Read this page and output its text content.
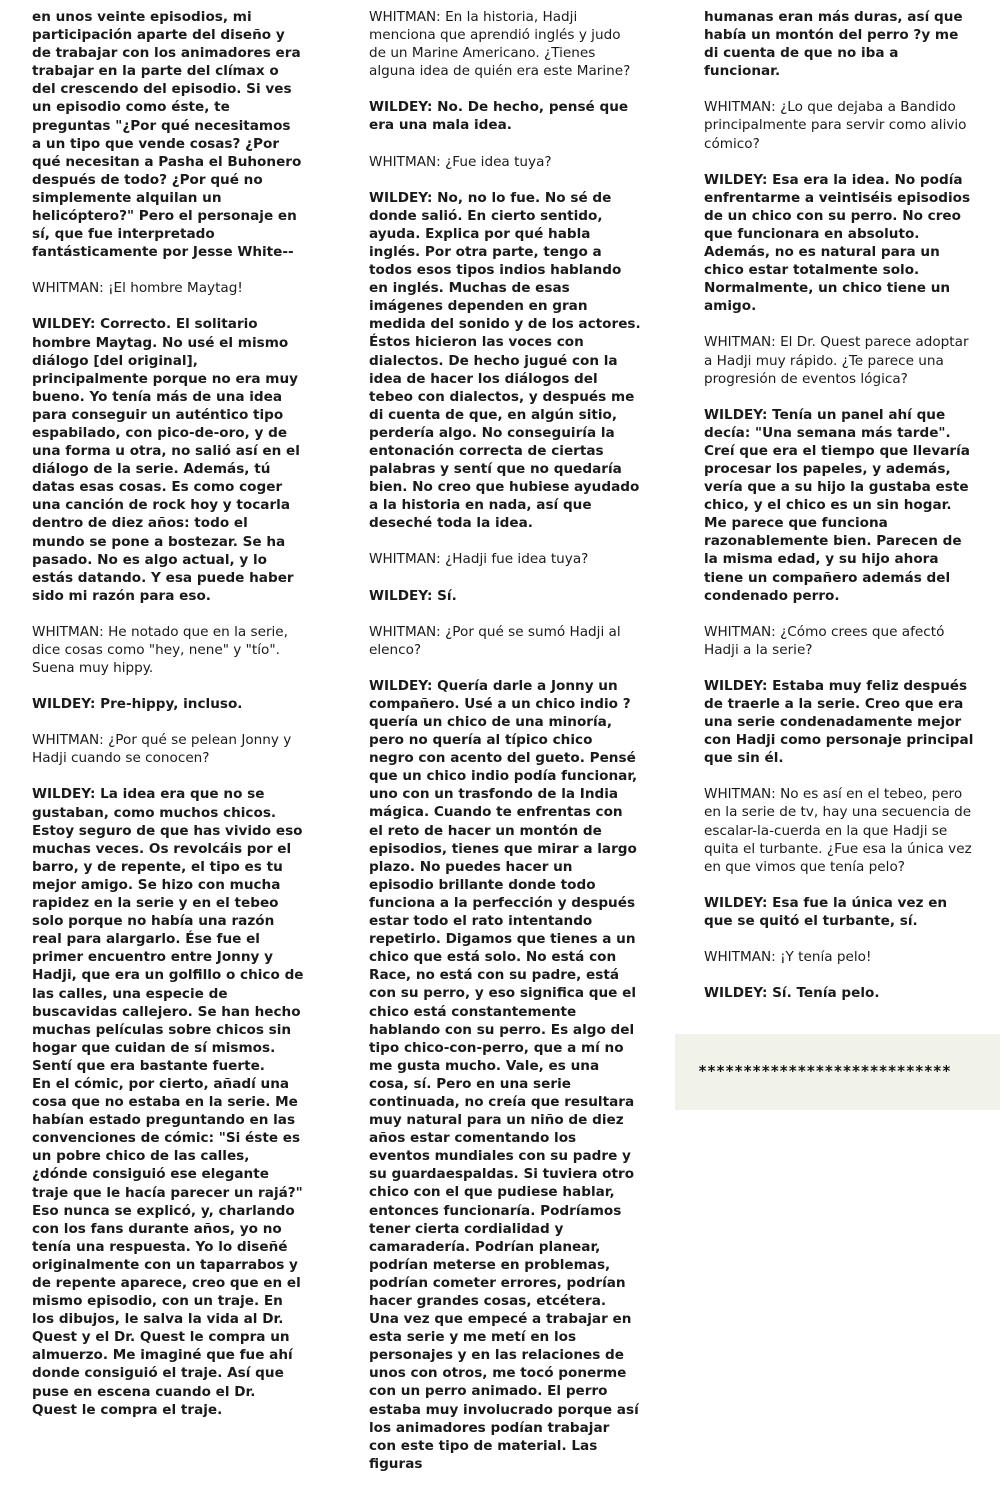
en unos veinte episodios, mi participación aparte del diseño y de trabajar con los animadores era trabajar en la parte del clímax o del crescendo del episodio. Si ves un episodio como éste, te preguntas "¿Por qué necesitamos a un tipo que vende cosas? ¿Por qué necesitan a Pasha el Buhonero después de todo? ¿Por qué no simplemente alquilan un helicóptero?" Pero el personaje en sí, que fue interpretado fantásticamente por Jesse White--

WHITMAN: ¡El hombre Maytag!

WILDEY: Correcto. El solitario hombre Maytag. No usé el mismo diálogo [del original], principalmente porque no era muy bueno. Yo tenía más de una idea para conseguir un auténtico tipo espabilado, con pico-de-oro, y de una forma u otra, no salió así en el diálogo de la serie. Además, tú datas esas cosas. Es como coger una canción de rock hoy y tocarla dentro de diez años: todo el mundo se pone a bostezar. Se ha pasado. No es algo actual, y lo estás datando. Y esa puede haber sido mi razón para eso.

WHITMAN: He notado que en la serie, dice cosas como "hey, nene" y "tío". Suena muy hippy.

WILDEY: Pre-hippy, incluso.

WHITMAN: ¿Por qué se pelean Jonny y Hadji cuando se conocen?

WILDEY: La idea era que no se gustaban, como muchos chicos. Estoy seguro de que has vivido eso muchas veces. Os revolcáis por el barro, y de repente, el tipo es tu mejor amigo. Se hizo con mucha rapidez en la serie y en el tebeo solo porque no había una razón real para alargarlo. Ése fue el primer encuentro entre Jonny y Hadji, que era un golfillo o chico de las calles, una especie de buscavidas callejero. Se han hecho muchas películas sobre chicos sin hogar que cuidan de sí mismos. Sentí que era bastante fuerte.

En el cómic, por cierto, añadí una cosa que no estaba en la serie. Me habían estado preguntando en las convenciones de cómic: "Si éste es un pobre chico de las calles, ¿dónde consiguió ese elegante traje que le hacía parecer un rajá?" Eso nunca se explicó, y, charlando con los fans durante años, yo no tenía una respuesta. Yo lo diseñé originalmente con un taparrabos y de repente aparece, creo que en el mismo episodio, con un traje. En los dibujos, le salva la vida al Dr. Quest y el Dr. Quest le compra un almuerzo. Me imaginé que fue ahí donde consiguió el traje. Así que puse en escena cuando el Dr. Quest le compra el traje.

WHITMAN: En la historia, Hadji menciona que aprendió inglés y judo de un Marine Americano. ¿Tienes alguna idea de quién era este Marine?

WILDEY: No. De hecho, pensé que era una mala idea.

WHITMAN: ¿Fue idea tuya?

WILDEY: No, no lo fue. No sé de donde salió. En cierto sentido, ayuda. Explica por qué habla inglés. Por otra parte, tengo a todos esos tipos indios hablando en inglés. Muchas de esas imágenes dependen en gran medida del sonido y de los actores. Éstos hicieron las voces con dialectos. De hecho jugué con la idea de hacer los diálogos del tebeo con dialectos, y después me di cuenta de que, en algún sitio, perdería algo. No conseguiría la entonación correcta de ciertas palabras y sentí que no quedaría bien. No creo que hubiese ayudado a la historia en nada, así que deseché toda la idea.

WHITMAN: ¿Hadji fue idea tuya?

WILDEY: Sí.

WHITMAN: ¿Por qué se sumó Hadji al elenco?

WILDEY: Quería darle a Jonny un compañero. Usé a un chico indio ?quería un chico de una minoría, pero no quería al típico chico negro con acento del gueto. Pensé que un chico indio podía funcionar, uno con un trasfondo de la India mágica. Cuando te enfrentas con el reto de hacer un montón de episodios, tienes que mirar a largo plazo. No puedes hacer un episodio brillante donde todo funciona a la perfección y después estar todo el rato intentando repetirlo. Digamos que tienes a un chico que está solo. No está con Race, no está con su padre, está con su perro, y eso significa que el chico está constantemente hablando con su perro. Es algo del tipo chico-con-perro, que a mí no me gusta mucho. Vale, es una cosa, sí. Pero en una serie continuada, no creía que resultara muy natural para un niño de diez años estar comentando los eventos mundiales con su padre y su guardaespaldas. Si tuviera otro chico con el que pudiese hablar, entonces funcionaría. Podríamos tener cierta cordialidad y camaradería. Podrían planear, podrían meterse en problemas, podrían cometer errores, podrían hacer grandes cosas, etcétera.

Una vez que empecé a trabajar en esta serie y me metí en los personajes y en las relaciones de unos con otros, me tocó ponerme con un perro animado. El perro estaba muy involucrado porque así los animadores podían trabajar con este tipo de material. Las figuras

humanas eran más duras, así que había un montón del perro ?y me di cuenta de que no iba a funcionar.

WHITMAN: ¿Lo que dejaba a Bandido principalmente para servir como alivio cómico?

WILDEY: Esa era la idea. No podía enfrentarme a veintiséis episodios de un chico con su perro. No creo que funcionara en absoluto. Además, no es natural para un chico estar totalmente solo. Normalmente, un chico tiene un amigo.

WHITMAN: El Dr. Quest parece adoptar a Hadji muy rápido. ¿Te parece una progresión de eventos lógica?

WILDEY: Tenía un panel ahí que decía: "Una semana más tarde". Creí que era el tiempo que llevaría procesar los papeles, y además, vería que a su hijo la gustaba este chico, y el chico es un sin hogar. Me parece que funciona razonablemente bien. Parecen de la misma edad, y su hijo ahora tiene un compañero además del condenado perro.

WHITMAN: ¿Cómo crees que afectó Hadji a la serie?

WILDEY: Estaba muy feliz después de traerle a la serie. Creo que era una serie condenadamente mejor con Hadji como personaje principal que sin él.

WHITMAN: No es así en el tebeo, pero en la serie de tv, hay una secuencia de escalar-la-cuerda en la que Hadji se quita el turbante. ¿Fue esa la única vez en que vimos que tenía pelo?

WILDEY: Esa fue la única vez en que se quitó el turbante, sí.

WHITMAN: ¡Y tenía pelo!

WILDEY: Sí. Tenía pelo.

****************************
